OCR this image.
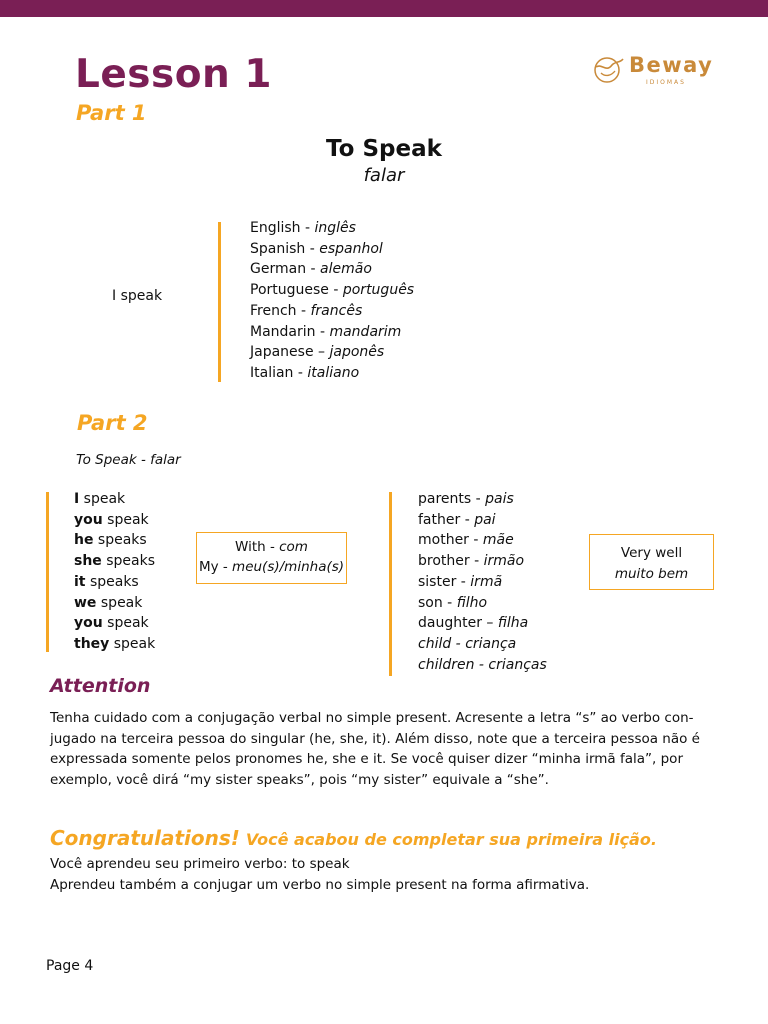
Lesson 1
Part 1
Beway
IDIOMAS
To Speak
falar
I speak
English - inglês
Spanish - espanhol
German - alemão
Portuguese - português
French - francês
Mandarin - mandarim
Japanese – japonês
Italian - italiano
Part 2
To Speak - falar
I speak
you speak
he speaks
she speaks
it speaks
we speak
you speak
they speak
With - com
My - meu(s)/minha(s)
parents - pais
father - pai
mother - mãe
brother - irmão
sister - irmã
son - filho
daughter – filha
child - criança
children - crianças
Very well
muito bem
Attention
Tenha cuidado com a conjugação verbal no simple present. Acresente a letra “s” ao verbo con-
jugado na terceira pessoa do singular (he, she, it). Além disso, note que a terceira pessoa não é
expressada somente pelos pronomes he, she e it. Se você quiser dizer “minha irmã fala”, por
exemplo, você dirá “my sister speaks”, pois “my sister” equivale a “she”.
Congratulations! Você acabou de completar sua primeira lição.
Você aprendeu seu primeiro verbo: to speak
Aprendeu também a conjugar um verbo no simple present na forma afirmativa.
Page 4
